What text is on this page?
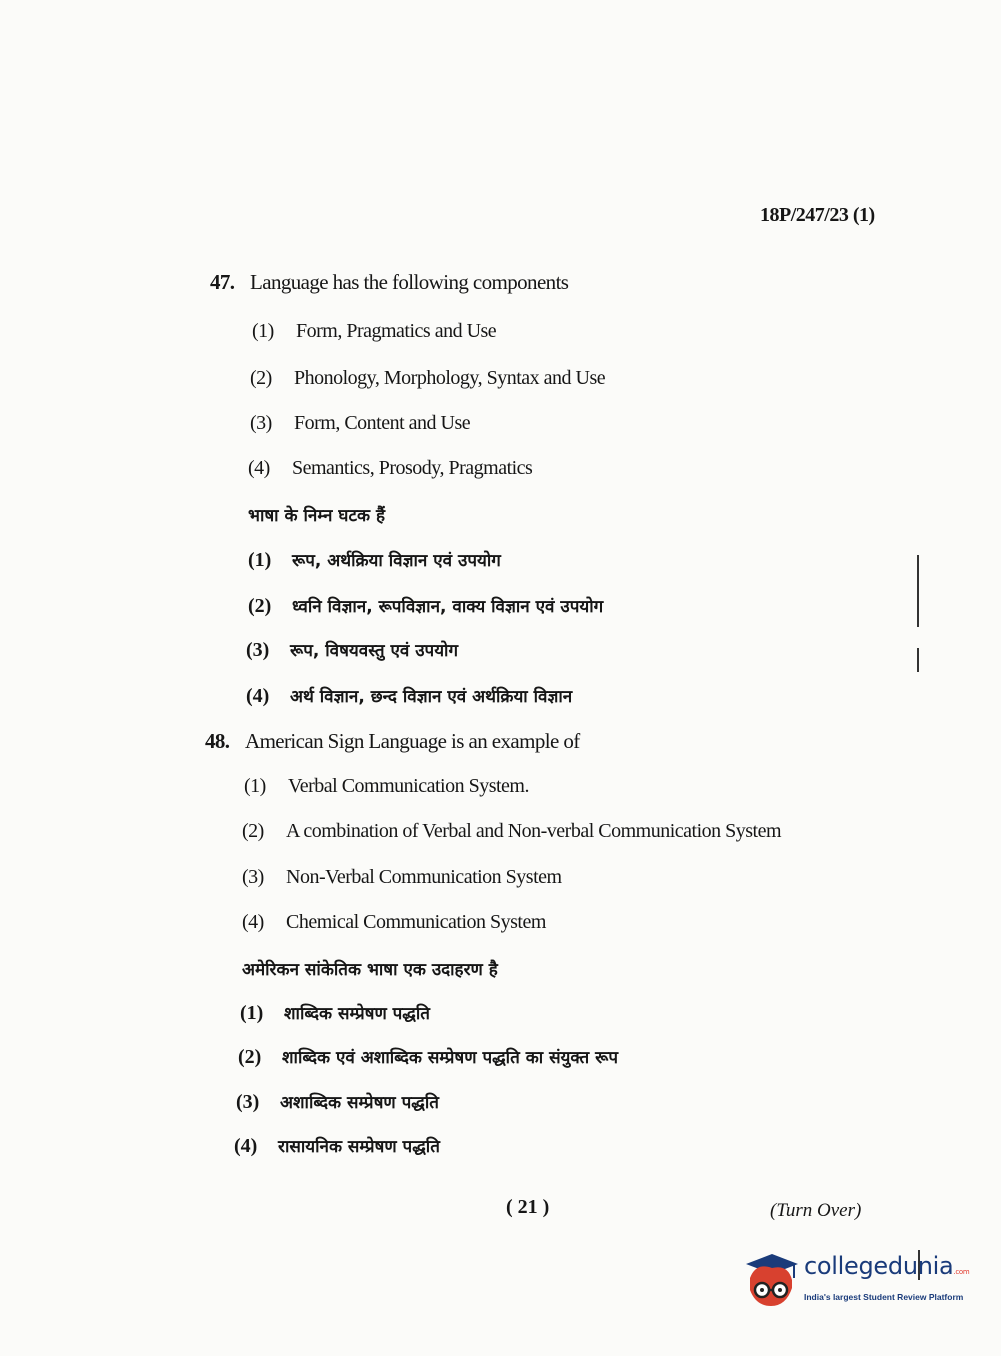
18P/247/23 (1)
47. Language has the following components
(1) Form, Pragmatics and Use
(2) Phonology, Morphology, Syntax and Use
(3) Form, Content and Use
(4) Semantics, Prosody, Pragmatics
भाषा के निम्न घटक हैं
(1) रूप, अर्थक्रिया विज्ञान एवं उपयोग
(2) ध्वनि विज्ञान, रूपविज्ञान, वाक्य विज्ञान एवं उपयोग
(3) रूप, विषयवस्तु एवं उपयोग
(4) अर्थ विज्ञान, छन्द विज्ञान एवं अर्थक्रिया विज्ञान
48. American Sign Language is an example of
(1) Verbal Communication System.
(2) A combination of Verbal and Non-verbal Communication System
(3) Non-Verbal Communication System
(4) Chemical Communication System
अमेरिकन सांकेतिक भाषा एक उदाहरण है
(1) शाब्दिक सम्प्रेषण पद्धति
(2) शाब्दिक एवं अशाब्दिक सम्प्रेषण पद्धति का संयुक्त रूप
(3) अशाब्दिक सम्प्रेषण पद्धति
(4) रासायनिक सम्प्रेषण पद्धति
( 21 )	(Turn Over)
collegedunia.com
India's largest Student Review Platform
